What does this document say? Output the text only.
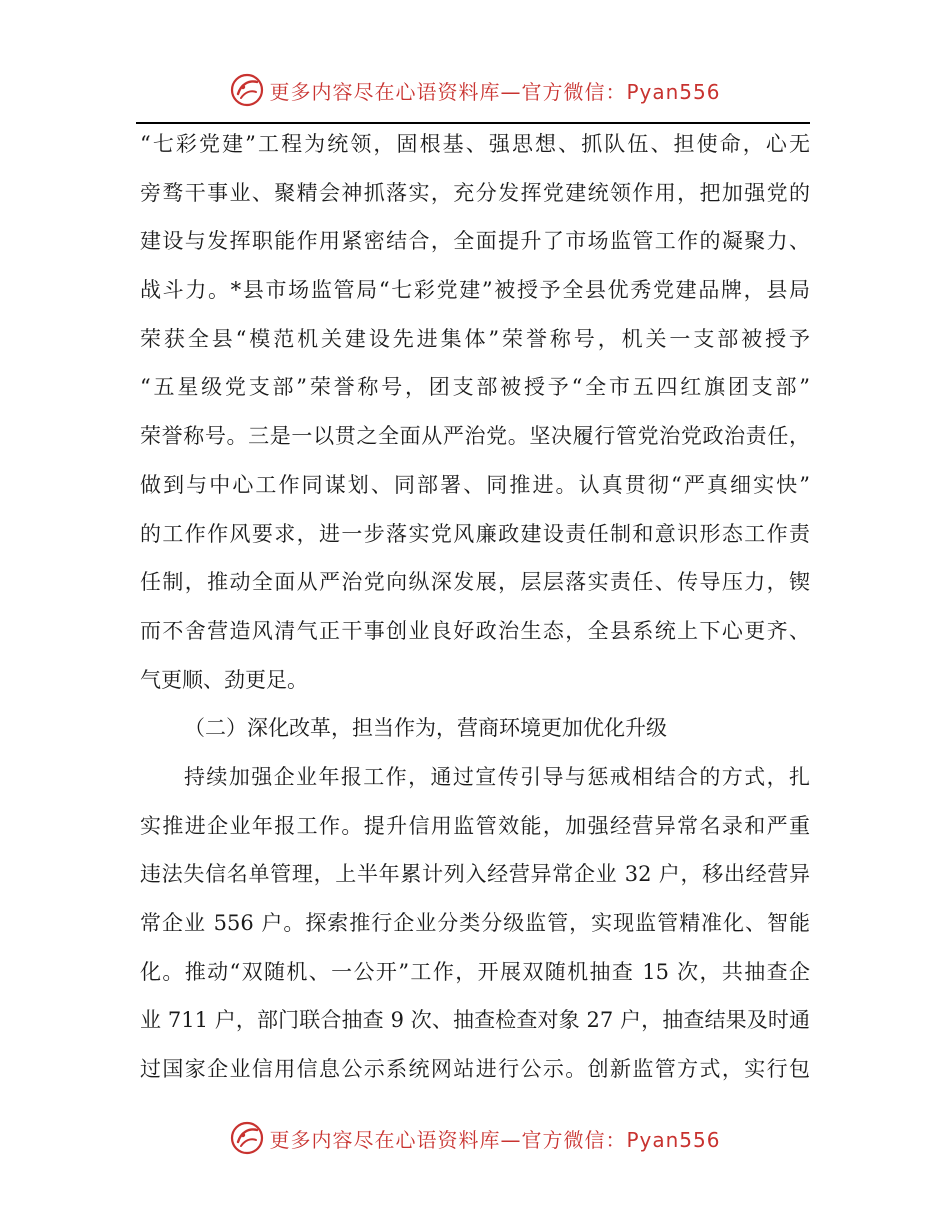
更多内容尽在心语资料库—官方微信：Pyan556
“七彩党建”工程为统领，固根基、强思想、抓队伍、担使命，心无
旁骛干事业、聚精会神抓落实，充分发挥党建统领作用，把加强党的
建设与发挥职能作用紧密结合，全面提升了市场监管工作的凝聚力、
战斗力。*县市场监管局“七彩党建”被授予全县优秀党建品牌，县局
荣获全县“模范机关建设先进集体”荣誉称号，机关一支部被授予
“五星级党支部”荣誉称号，团支部被授予“全市五四红旗团支部”
荣誉称号。三是一以贯之全面从严治党。坚决履行管党治党政治责任，
做到与中心工作同谋划、同部署、同推进。认真贯彻“严真细实快”
的工作作风要求，进一步落实党风廉政建设责任制和意识形态工作责
任制，推动全面从严治党向纵深发展，层层落实责任、传导压力，锲
而不舍营造风清气正干事创业良好政治生态，全县系统上下心更齐、
气更顺、劲更足。
（二）深化改革，担当作为，营商环境更加优化升级
持续加强企业年报工作，通过宣传引导与惩戒相结合的方式，扎
实推进企业年报工作。提升信用监管效能，加强经营异常名录和严重
违法失信名单管理，上半年累计列入经营异常企业 32 户，移出经营异
常企业 556 户。探索推行企业分类分级监管，实现监管精准化、智能
化。推动“双随机、一公开”工作，开展双随机抽查 15 次，共抽查企
业 711 户，部门联合抽查 9 次、抽查检查对象 27 户，抽查结果及时通
过国家企业信用信息公示系统网站进行公示。创新监管方式，实行包
更多内容尽在心语资料库—官方微信：Pyan556
